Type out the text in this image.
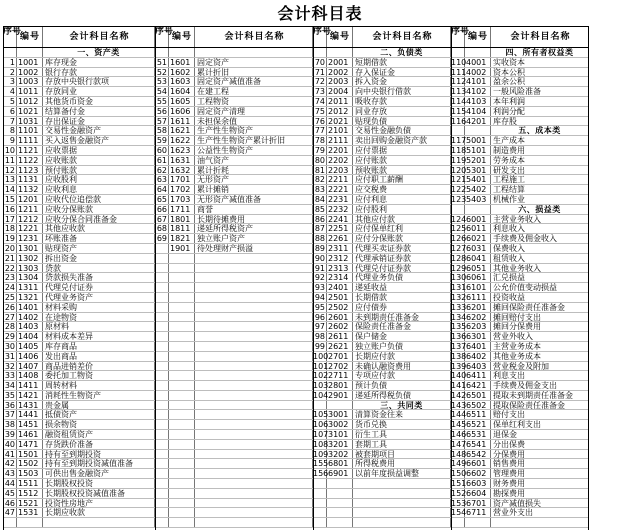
会计科目表
序号
编号	会计科目名称
一、资产类
1 1001 库存现金
2 1002 银行存款
3 1003 存放中央银行款项
4 1011 存放同业
5 1012 其他货币资金
6 1021 结算备付金
7 1031 存出保证金
8 1101 交易性金融资产
9 1111 买入返售金融资产
10 1121 应收票据
11 1122 应收账款
12 1123 预付账款
13 1131 应收股利
14 1132 应收利息
15 1201 应收代位追偿款
16 1211 应收分保账款
17 1212 应收分保合同准备金
18 1221 其他应收款
19 1231 坏账准备
20 1301 贴现资产
21 1302 拆出资金
22 1303 贷款
23 1304 贷款损失准备
24 1311 代理兑付证券
25 1321 代理业务资产
26 1401 材料采购
27 1402 在途物资
28 1403 原材料
29 1404 材料成本差异
30 1405 库存商品
31 1406 发出商品
32 1407 商品进销差价
33 1408 委托加工物资
34 1411 周转材料
35 1421 消耗性生物资产
36 1431 贵金属
37 1441 抵债资产
38 1451 损余物资
39 1461 融资租赁资产
40 1471 存货跌价准备
41 1501 持有至到期投资
42 1502 持有至到期投资减值准备
43 1503 可供出售金融资产
44 1511 长期股权投资
45 1512 长期股权投资减值准备
46 1521 投资性房地产
47 1531 长期应收款
序号
编号	会计科目名称
51 1601 固定资产
52 1602 累计折旧
53 1603 固定资产减值准备
54 1604 在建工程
55 1605 工程物资
56 1606 固定资产清理
57 1611 未担保余值
58 1621 生产性生物资产
59 1622 生产性生物资产累计折旧
60 1623 公益性生物资产
61 1631 油气资产
62 1632 累计折耗
63 1701 无形资产
64 1702 累计摊销
65 1703 无形资产减值准备
66 1711 商誉
67 1801 长期待摊费用
68 1811 递延所得税资产
69 1821 独立账户资产
1901 待处理财产损溢
序号
编号	会计科目名称
二、负债类
70 2001 短期借款
71 2002 存入保证金
72 2003 拆入资金
73 2004 向中央银行借款
74 2011 吸收存款
75 2012 同业存放
76 2021 贴现负债
77 2101 交易性金融负债
78 2111 卖出回购金融资产款
79 2201 应付票据
80 2202 应付账款
81 2203 预收账款
82 2211 应付职工薪酬
83 2221 应交税费
84 2231 应付利息
85 2232 应付股利
86 2241 其他应付款
87 2251 应付保单红利
88 2261 应付分保账款
89 2311 代理买卖证券款
90 2312 代理承销证券款
91 2313 代理兑付证券款
92 2314 代理业务负债
93 2401 递延收益
94 2501 长期借款
95 2502 应付债券
96 2601 未到期责任准备金
97 2602 保险责任准备金
98 2611 保户储金
99 2621 独立账户负债
100 2701 长期应付款
101 2702 未确认融资费用
102 2711 专项应付款
103 2801 预计负债
104 2901 递延所得税负债
三、共同类
105 3001 清算资金往来
106 3002 货币兑换
107 3101 衍生工具
108 3201 套期工具
109 3202 被套期项目
155 6801 所得税费用
156 6901 以前年度损益调整
序号
编号	会计科目名称
四、所有者权益类
110 4001 实收资本
111 4002 资本公积
112 4101 盈余公积
113 4102 一般风险准备
114 4103 本年利润
115 4104 利润分配
116 4201 库存股
五、成本类
117 5001 生产成本
118 5101 制造费用
119 5201 劳务成本
120 5301 研发支出
121 5401 工程施工
122 5402 工程结算
123 5403 机械作业
六、损益类
124 6001 主营业务收入
125 6011 利息收入
126 6021 手续费及佣金收入
127 6031 保费收入
128 6041 租赁收入
129 6051 其他业务收入
130 6061 汇兑损益
131 6101 公允价值变动损益
132 6111 投资收益
133 6201 摊回保险责任准备金
134 6202 摊回赔付支出
135 6203 摊回分保费用
136 6301 营业外收入
137 6401 主营业务成本
138 6402 其他业务成本
139 6403 营业税金及附加
140 6411 利息支出
141 6421 手续费及佣金支出
142 6501 提取未到期责任准备金
143 6502 提取保险责任准备金
144 6511 赔付支出
145 6521 保单红利支出
146 6531 退保金
147 6541 分出保费
148 6542 分保费用
149 6601 销售费用
150 6602 管理费用
151 6603 财务费用
152 6604 勘探费用
153 6701 资产减值损失
154 6711 营业外支出
